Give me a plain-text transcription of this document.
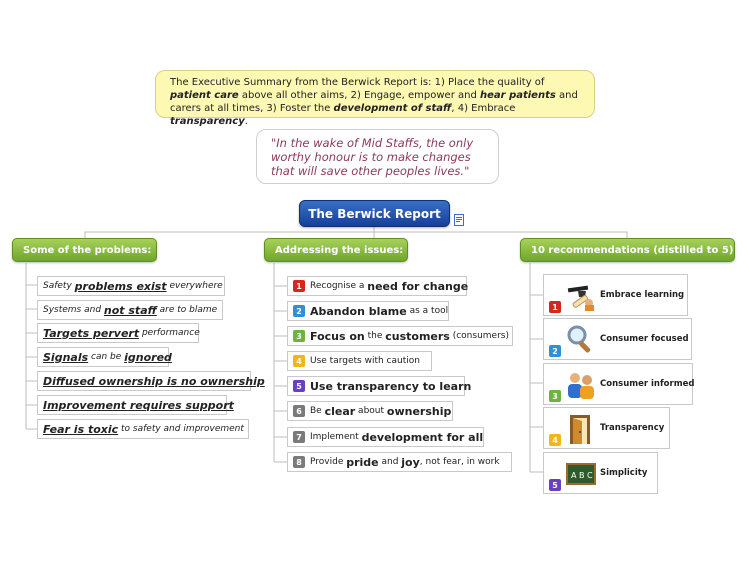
The Executive Summary from the Berwick Report is: 1) Place the quality of patient care above all other aims, 2) Engage, empower and hear patients and carers at all times, 3) Foster the development of staff, 4) Embrace transparency.
"In the wake of Mid Staffs, the only worthy honour is to make changes that will save other peoples lives."
The Berwick Report
Some of the problems:	Addressing the issues:	10 recommendations (distilled to 5)
Safety problems exist everywhere
Systems and not staff are to blame
Targets pervert performance
Signals can be ignored
Diffused ownership is no ownership
Improvement requires support
Fear is toxic to safety and improvement
1 Recognise a need for change
2 Abandon blame as a tool
3 Focus on the customers (consumers)
4 Use targets with caution
5 Use transparency to learn
6 Be clear about ownership
7 Implement development for all
8 Provide pride and joy , not fear, in work
1
Embrace learning
2
Consumer focused
3
Consumer informed
4
Transparency
A B C
5
Simplicity
